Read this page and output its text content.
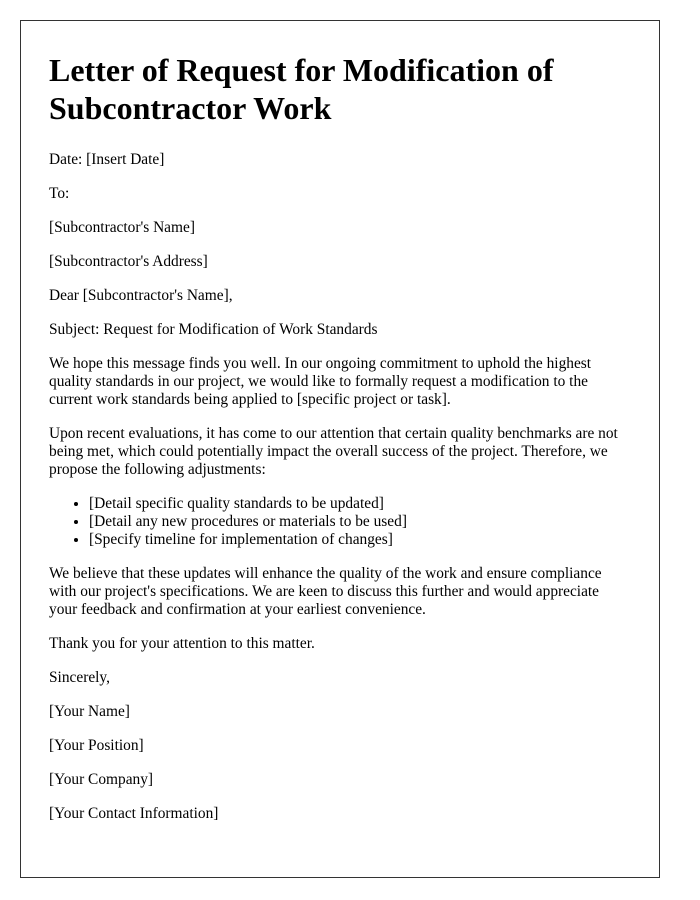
Letter of Request for Modification of Subcontractor Work

Date: [Insert Date]

To:

[Subcontractor's Name]

[Subcontractor's Address]

Dear [Subcontractor's Name],

Subject: Request for Modification of Work Standards

We hope this message finds you well. In our ongoing commitment to uphold the highest quality standards in our project, we would like to formally request a modification to the current work standards being applied to [specific project or task].

Upon recent evaluations, it has come to our attention that certain quality benchmarks are not being met, which could potentially impact the overall success of the project. Therefore, we propose the following adjustments:

• [Detail specific quality standards to be updated]
• [Detail any new procedures or materials to be used]
• [Specify timeline for implementation of changes]

We believe that these updates will enhance the quality of the work and ensure compliance with our project's specifications. We are keen to discuss this further and would appreciate your feedback and confirmation at your earliest convenience.

Thank you for your attention to this matter.

Sincerely,

[Your Name]

[Your Position]

[Your Company]

[Your Contact Information]
